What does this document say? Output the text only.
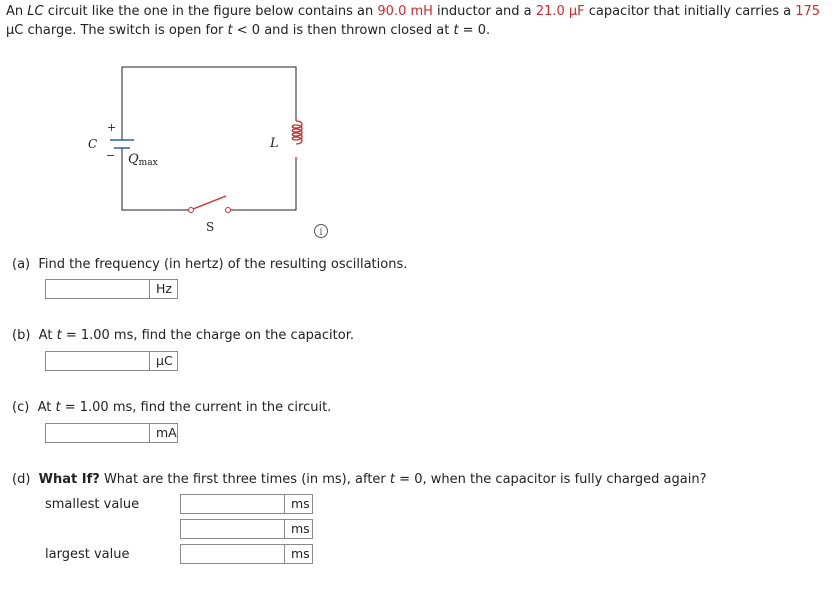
An LC circuit like the one in the figure below contains an 90.0 mH inductor and a 21.0 μF capacitor that initially carries a 175
μC charge. The switch is open for t < 0 and is then thrown closed at t = 0.
+
C
− Qmax
L
S	i
(a) Find the frequency (in hertz) of the resulting oscillations.
Hz
(b) At t = 1.00 ms, find the charge on the capacitor.
μC
(c) At t = 1.00 ms, find the current in the circuit.
mA
(d) What If? What are the first three times (in ms), after t = 0, when the capacitor is fully charged again?
smallest value	ms
ms
largest value	ms
